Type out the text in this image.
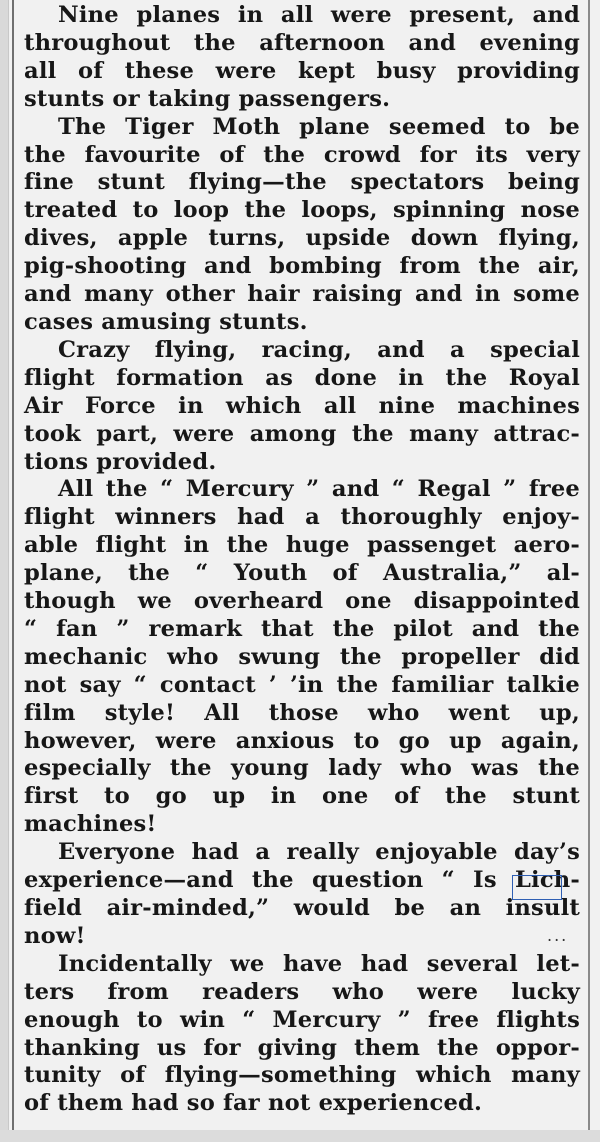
Nine planes in all were present, and
throughout the afternoon and evening
all of these were kept busy providing
stunts or taking passengers.

The Tiger Moth plane seemed to be
the favourite of the crowd for its very
fine stunt flying—the spectators being
treated to loop the loops, spinning nose
dives, apple turns, upside down flying,
pig-shooting and bombing from the air,
and many other hair raising and in some
cases amusing stunts.

Crazy flying, racing, and a special
flight formation as done in the Royal
Air Force in which all nine machines
took part, were among the many attrac-
tions provided.

All the “ Mercury ” and “ Regal ” free
flight winners had a thoroughly enjoy-
able flight in the huge passenget aero-
plane, the “ Youth of Australia,” al-
though we overheard one disappointed
“ fan ” remark that the pilot and the
mechanic who swung the propeller did
not say “ contact ’ ’in the familiar talkie
film style! All those who went up,
however, were anxious to go up again,
especially the young lady who was the
first to go up in one of the stunt
machines!

Everyone had a really enjoyable day’s
experience—and the question “ Is Lich-
field air-minded,” would be an insult
now!

Incidentally we have had several let-
ters from readers who were lucky
enough to win “ Mercury ” free flights
thanking us for giving them the oppor-
tunity of flying—something which many
of them had so far not experienced.

...
